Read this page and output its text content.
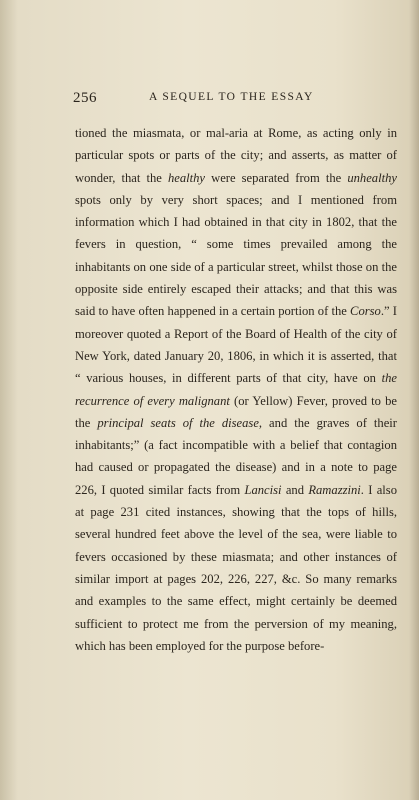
256	A SEQUEL TO THE ESSAY

tioned the miasmata, or mal-aria at Rome, as acting only in particular spots or parts of the city; and asserts, as matter of wonder, that the healthy were separated from the unhealthy spots only by very short spaces; and I mentioned from information which I had obtained in that city in 1802, that the fevers in question, “ some times prevailed among the inhabitants on one side of a particular street, whilst those on the opposite side entirely escaped their attacks; and that this was said to have often happened in a certain portion of the Corso.” I moreover quoted a Report of the Board of Health of the city of New York, dated January 20, 1806, in which it is asserted, that “ various houses, in different parts of that city, have on the recurrence of every malignant (or Yellow) Fever, proved to be the principal seats of the disease, and the graves of their inhabitants;” (a fact incompatible with a belief that contagion had caused or propagated the disease) and in a note to page 226, I quoted similar facts from Lancisi and Ramazzini. I also at page 231 cited instances, showing that the tops of hills, several hundred feet above the level of the sea, were liable to fevers occasioned by these miasmata; and other instances of similar import at pages 202, 226, 227, &c. So many remarks and examples to the same effect, might certainly be deemed sufficient to protect me from the perversion of my meaning, which has been employed for the purpose before-
